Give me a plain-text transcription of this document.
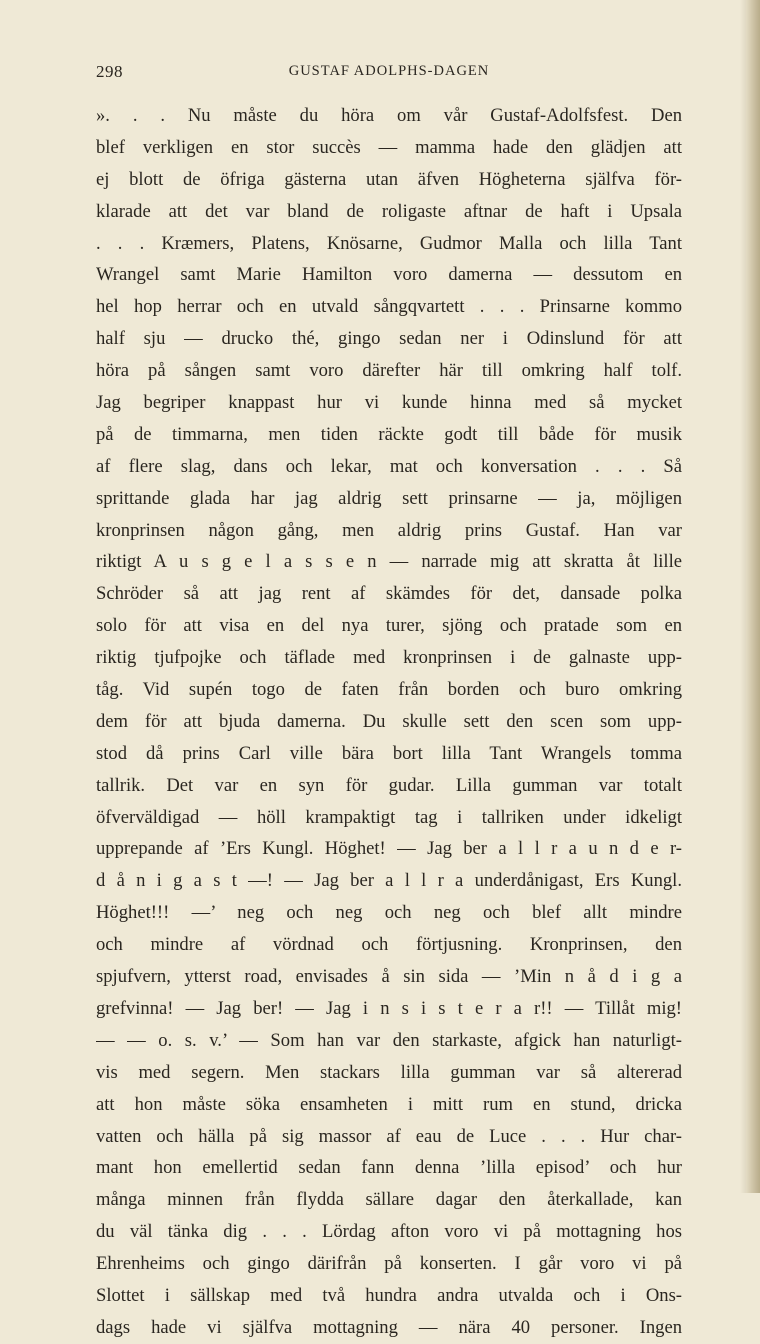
298	GUSTAF ADOLPHS-DAGEN
». . . Nu måste du höra om vår Gustaf-Adolfsfest. Den
blef verkligen en stor succès — mamma hade den glädjen att
ej blott de öfriga gästerna utan äfven Högheterna själfva för-
klarade att det var bland de roligaste aftnar de haft i Upsala
. . . Kræmers, Platens, Knösarne, Gudmor Malla och lilla Tant
Wrangel samt Marie Hamilton voro damerna — dessutom en
hel hop herrar och en utvald sångqvartett . . . Prinsarne kommo
half sju — drucko thé, gingo sedan ner i Odinslund för att
höra på sången samt voro därefter här till omkring half tolf.
Jag begriper knappast hur vi kunde hinna med så mycket
på de timmarna, men tiden räckte godt till både för musik
af flere slag, dans och lekar, mat och konversation . . . Så
sprittande glada har jag aldrig sett prinsarne — ja, möjligen
kronprinsen någon gång, men aldrig prins Gustaf. Han var
riktigt A u s g e l a s s e n — narrade mig att skratta åt lille
Schröder så att jag rent af skämdes för det, dansade polka
solo för att visa en del nya turer, sjöng och pratade som en
riktig tjufpojke och täflade med kronprinsen i de galnaste upp-
tåg. Vid supén togo de faten från borden och buro omkring
dem för att bjuda damerna. Du skulle sett den scen som upp-
stod då prins Carl ville bära bort lilla Tant Wrangels tomma
tallrik. Det var en syn för gudar. Lilla gumman var totalt
öfverväldigad — höll krampaktigt tag i tallriken under idkeligt
upprepande af ’Ers Kungl. Höghet! — Jag ber a l l r a u n d e r-
d å n i g a s t —! — Jag ber a l l r a underdånigast, Ers Kungl.
Höghet!!! —’ neg och neg och neg och blef allt mindre
och mindre af vördnad och förtjusning. Kronprinsen, den
spjufvern, ytterst road, envisades å sin sida — ’Min n å d i g a
grefvinna! — Jag ber! — Jag i n s i s t e r a r!! — Tillåt mig!
— — o. s. v.’ — Som han var den starkaste, afgick han naturligt-
vis med segern. Men stackars lilla gumman var så altererad
att hon måste söka ensamheten i mitt rum en stund, dricka
vatten och hälla på sig massor af eau de Luce . . . Hur char-
mant hon emellertid sedan fann denna ’lilla episod’ och hur
många minnen från flydda sällare dagar den återkallade, kan
du väl tänka dig . . . Lördag afton voro vi på mottagning hos
Ehrenheims och gingo därifrån på konserten. I går voro vi på
Slottet i sällskap med två hundra andra utvalda och i Ons-
dags hade vi själfva mottagning — nära 40 personer. Ingen
